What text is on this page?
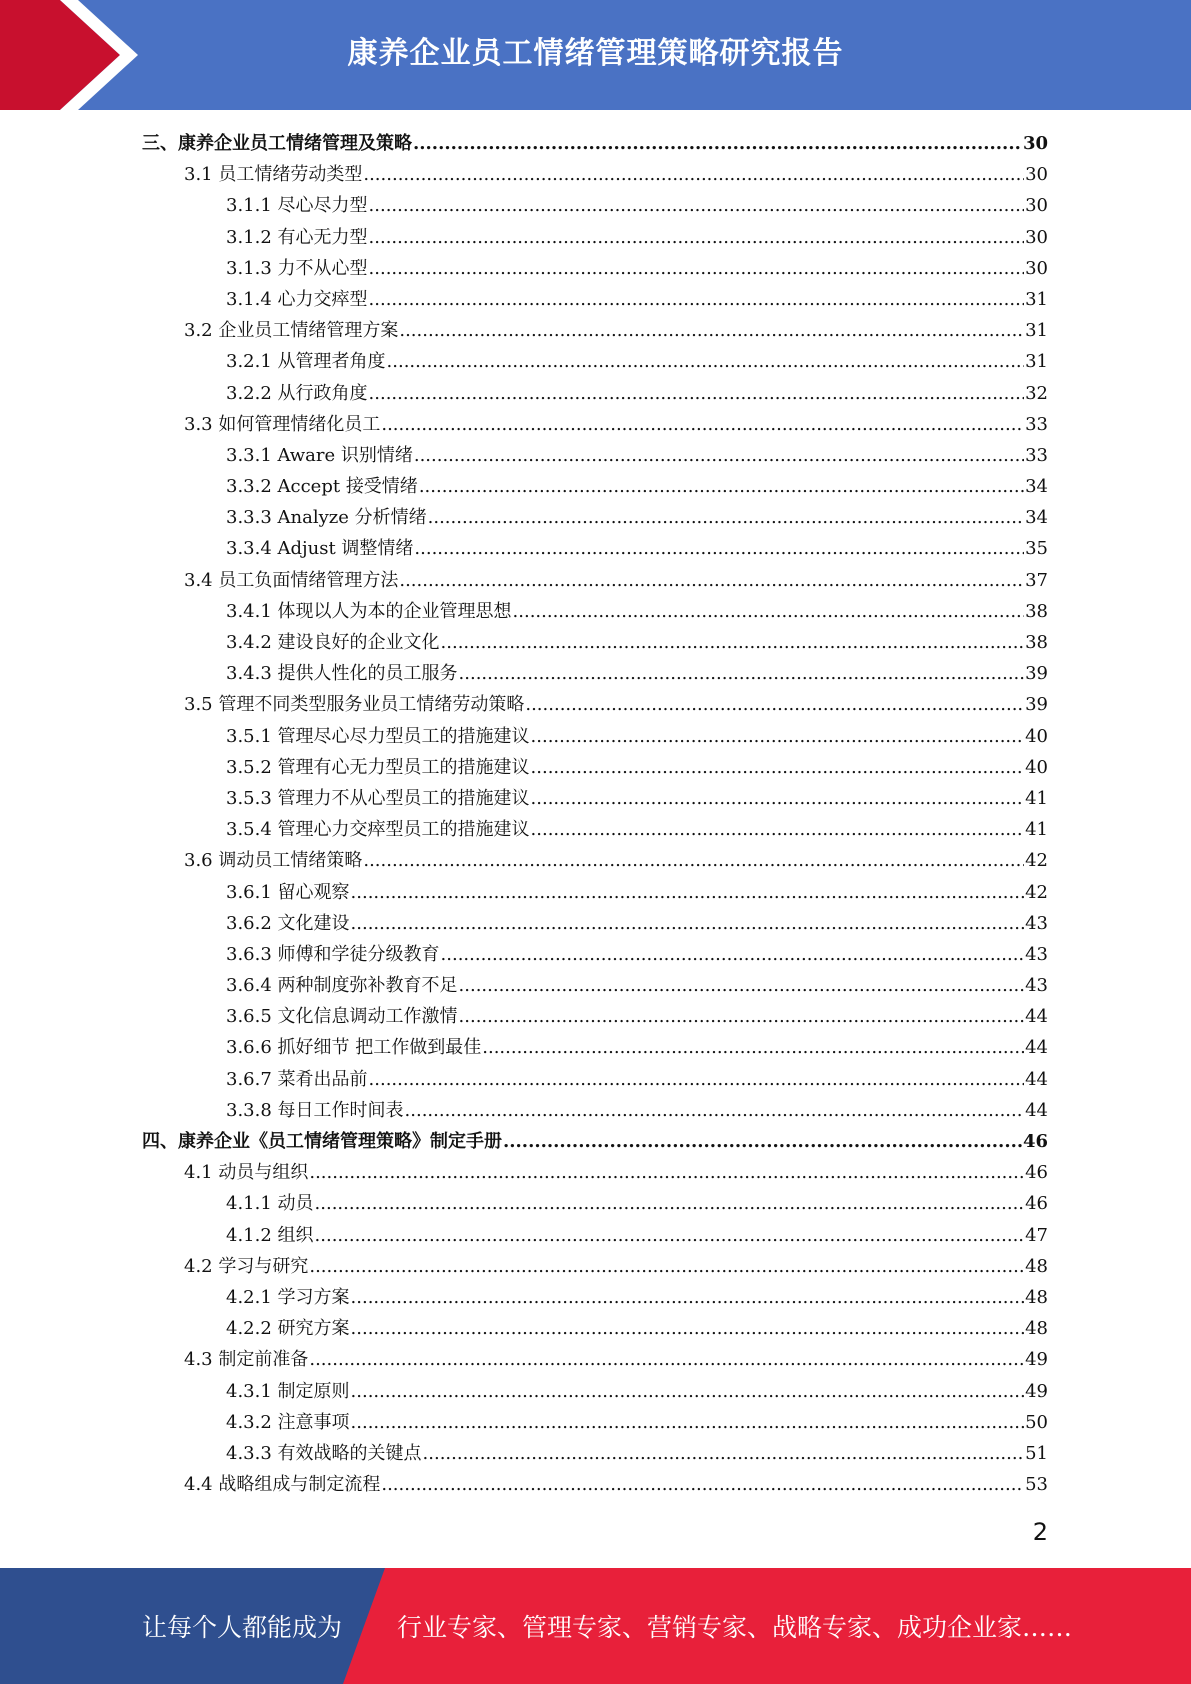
康养企业员工情绪管理策略研究报告
三、康养企业员工情绪管理及策略 .....	30
3.1 员工情绪劳动类型 .....	30
3.1.1 尽心尽力型 .....	30
3.1.2 有心无力型 .....	30
3.1.3 力不从心型 .....	30
3.1.4 心力交瘁型 .....	31
3.2 企业员工情绪管理方案 .....	31
3.2.1 从管理者角度 .....	31
3.2.2 从行政角度 .....	32
3.3 如何管理情绪化员工 .....	33
3.3.1 Aware 识别情绪 .....	33
3.3.2 Accept 接受情绪 .....	34
3.3.3 Analyze 分析情绪 .....	34
3.3.4 Adjust 调整情绪 .....	35
3.4 员工负面情绪管理方法 .....	37
3.4.1 体现以人为本的企业管理思想 .....	38
3.4.2 建设良好的企业文化 .....	38
3.4.3 提供人性化的员工服务 .....	39
3.5 管理不同类型服务业员工情绪劳动策略 .....	39
3.5.1 管理尽心尽力型员工的措施建议 .....	40
3.5.2 管理有心无力型员工的措施建议 .....	40
3.5.3 管理力不从心型员工的措施建议 .....	41
3.5.4 管理心力交瘁型员工的措施建议 .....	41
3.6 调动员工情绪策略 .....	42
3.6.1 留心观察 .....	42
3.6.2 文化建设 .....	43
3.6.3 师傅和学徒分级教育 .....	43
3.6.4 两种制度弥补教育不足 .....	43
3.6.5 文化信息调动工作激情 .....	44
3.6.6 抓好细节 把工作做到最佳 .....	44
3.6.7 菜肴出品前 .....	44
3.3.8 每日工作时间表 .....	44
四、康养企业《员工情绪管理策略》制定手册 .....	46
4.1 动员与组织 .....	46
4.1.1 动员 .....	46
4.1.2 组织 .....	47
4.2 学习与研究 .....	48
4.2.1 学习方案 .....	48
4.2.2 研究方案 .....	48
4.3 制定前准备 .....	49
4.3.1 制定原则 .....	49
4.3.2 注意事项 .....	50
4.3.3 有效战略的关键点 .....	51
4.4 战略组成与制定流程 .....	53
2
让每个人都能成为 行业专家、管理专家、营销专家、战略专家、成功企业家……
